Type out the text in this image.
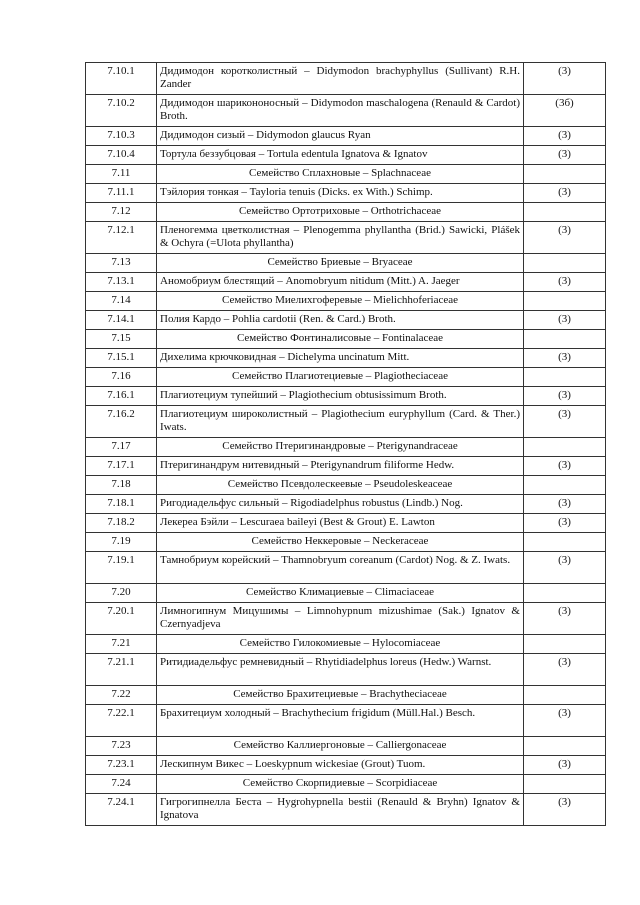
7.10.1	Дидимодон коротколистный – Didymodon brachyphyllus (Sullivant) R.H. Zander	(3)
7.10.2	Дидимодон шарикононосный – Didymodon maschalogena (Renauld & Cardot) Broth.	(3б)
7.10.3	Дидимодон сизый – Didymodon glaucus Ryan	(3)
7.10.4	Тортула беззубцовая – Tortula edentula Ignatova & Ignatov	(3)
7.11	Семейство Сплахновые – Splachnaceae	
7.11.1	Тэйлория тонкая – Tayloria tenuis (Dicks. ex With.) Schimp.	(3)
7.12	Семейство Ортотриховые – Orthotrichaceae	
7.12.1	Пленогемма цветколистная – Plenogemma phyllantha (Brid.) Sawicki, Plášek & Ochyra (=Ulota phyllantha)	(3)
7.13	Семейство Бриевые – Bryaceae	
7.13.1	Аномобриум блестящий – Anomobryum nitidum (Mitt.) A. Jaeger	(3)
7.14	Семейство Миелихгоферевые – Mielichhoferiaceae	
7.14.1	Полия Кардо – Pohlia cardotii (Ren. & Card.) Broth.	(3)
7.15	Семейство Фонтиналисовые – Fontinalaceae	
7.15.1	Дихелима крючковидная – Dichelyma uncinatum Mitt.	(3)
7.16	Семейство Плагиотециевые – Plagiotheciaceae	
7.16.1	Плагиотециум тупейший – Plagiothecium obtusissimum Broth.	(3)
7.16.2	Плагиотециум широколистный – Plagiothecium euryphyllum (Card. & Ther.) Iwats.	(3)
7.17	Семейство Птеригинандровые – Pterigynandraceae	
7.17.1	Птеригинандрум нитевидный – Pterigynandrum filiforme Hedw.	(3)
7.18	Семейство Псевдолескеевые – Pseudoleskeaceae	
7.18.1	Ригодиадельфус сильный – Rigodiadelphus robustus (Lindb.) Nog.	(3)
7.18.2	Лекереа Бэйли – Lescuraea baileyi (Best & Grout) E. Lawton	(3)
7.19	Семейство Неккеровые – Neckeraceae	
7.19.1	Тамнобриум корейский – Thamnobryum coreanum (Cardot) Nog. & Z. Iwats.	(3)
7.20	Семейство Климациевые – Climaciaceae	
7.20.1	Лимногипнум Мицушимы – Limnohypnum mizushimae (Sak.) Ignatov & Czernyadjeva	(3)
7.21	Семейство Гилокомиевые – Hylocomiaceae	
7.21.1	Ритидиадельфус ремневидный – Rhytidiadelphus loreus (Hedw.) Warnst.	(3)
7.22	Семейство Брахитециевые – Brachytheciaceae	
7.22.1	Брахитециум холодный – Brachythecium frigidum (Müll.Hal.) Besch.	(3)
7.23	Семейство Каллиергоновые – Calliergonaceae	
7.23.1	Лескипнум Викес – Loeskypnum wickesiae (Grout) Tuom.	(3)
7.24	Семейство Скорпидиевые – Scorpidiaceae	
7.24.1	Гигрогипнелла Беста – Hygrohypnella bestii (Renauld & Bryhn) Ignatov & Ignatova	(3)
